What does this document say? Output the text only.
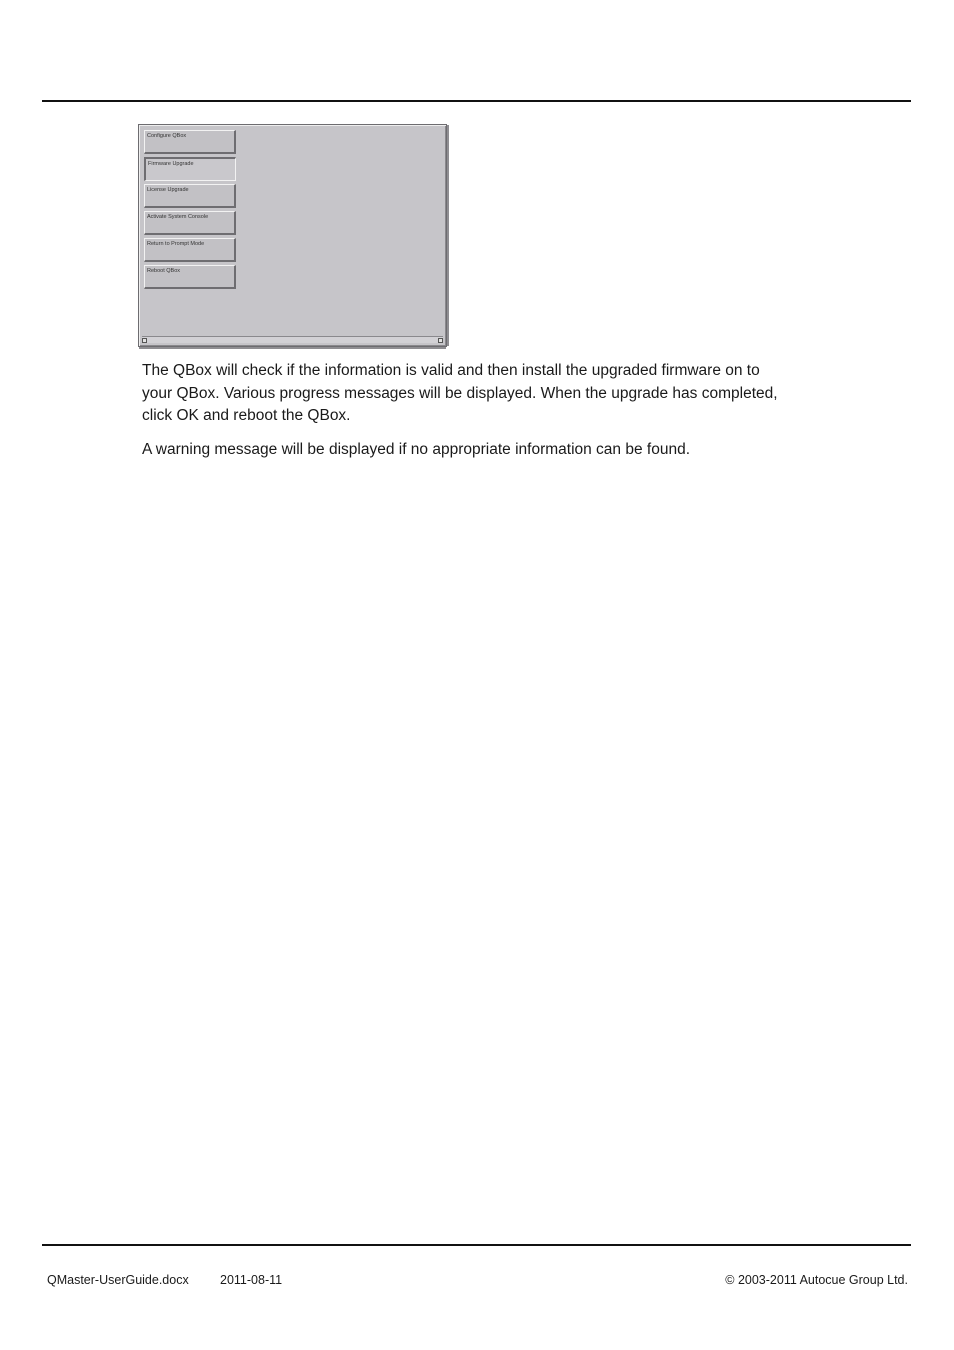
Configure QBox
Firmware Upgrade
License Upgrade
Activate System Console
Return to Prompt Mode
Reboot QBox

The QBox will check if the information is valid and then install the upgraded firmware on to your QBox. Various progress messages will be displayed. When the upgrade has completed, click OK and reboot the QBox.

A warning message will be displayed if no appropriate information can be found.

QMaster-UserGuide.docx	2011-08-11	© 2003-2011 Autocue Group Ltd.
